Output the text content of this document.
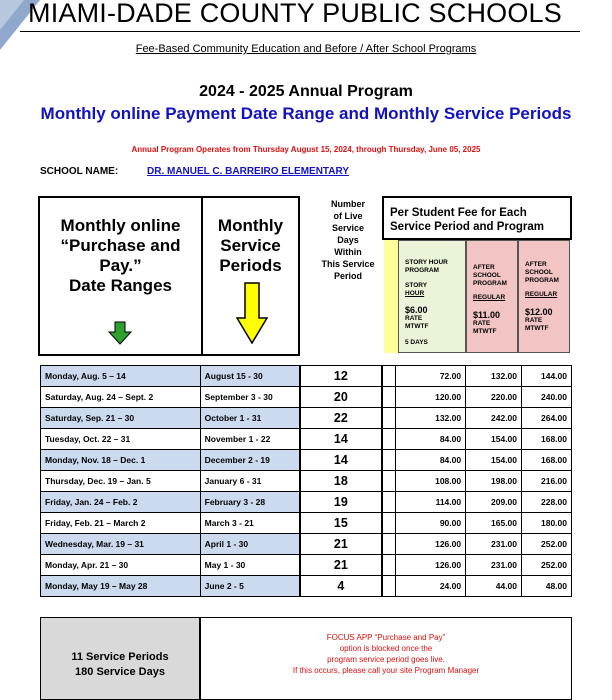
MIAMI-DADE COUNTY PUBLIC SCHOOLS
Fee-Based Community Education and Before / After School Programs
2024 - 2025 Annual Program
Monthly online Payment Date Range and Monthly Service Periods
Annual Program Operates from Thursday August 15, 2024, through Thursday, June 05, 2025
SCHOOL NAME:	DR. MANUEL C. BARREIRO ELEMENTARY
Monthly online
“Purchase and
Pay.”
Date Ranges
Monthly
Service
Periods
Number
of Live
Service
Days
Within
This Service
Period
Per Student Fee for Each
Service Period and Program
STORY HOUR
PROGRAM
STORY
HOUR
$6.00
RATE
MTWTF
5 DAYS
AFTER
SCHOOL
PROGRAM
REGULAR
$11.00
RATE
MTWTF
AFTER
SCHOOL
PROGRAM
REGULAR
$12.00
RATE
MTWTF
Monday, Aug. 5 – 14	August 15 - 30	12		72.00	132.00	144.00
Saturday, Aug. 24 – Sept. 2	September 3 - 30	20		120.00	220.00	240.00
Saturday, Sep. 21 – 30	October 1 - 31	22		132.00	242.00	264.00
Tuesday, Oct. 22 – 31	November 1 - 22	14		84.00	154.00	168.00
Monday, Nov. 18 – Dec. 1	December 2 - 19	14		84.00	154.00	168.00
Thursday, Dec. 19 – Jan. 5	January 6 - 31	18		108.00	198.00	216.00
Friday, Jan. 24 – Feb. 2	February 3 - 28	19		114.00	209.00	228.00
Friday, Feb. 21 – March 2	March 3 - 21	15		90.00	165.00	180.00
Wednesday, Mar. 19 – 31	April 1 - 30	21		126.00	231.00	252.00
Monday, Apr. 21 – 30	May 1 - 30	21		126.00	231.00	252.00
Monday, May 19 – May 28	June 2 - 5	4		24.00	44.00	48.00
11 Service Periods
180 Service Days
FOCUS APP “Purchase and Pay”
option is blocked once the
program service period goes live.
If this occurs, please call your site Program Manager
